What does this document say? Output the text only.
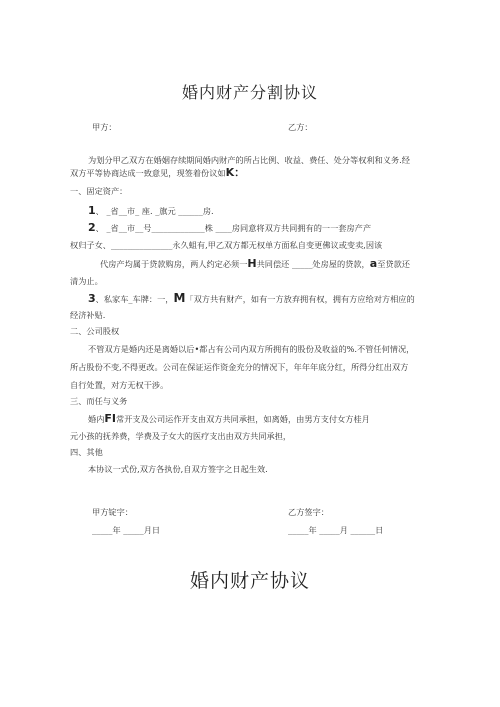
婚内财产分割协议
甲方：	乙方：
为划分甲乙双方在婚姻存续期间婚内财产的所占比例、收益、费任、处分等权利和义务.经
双方平等协商达成一致意见，现签着份议如K：
一、固定资产：
1、 _省__市_ 座. _旗元 ______房.
2、 _省__市__号_____________株 ____房同意将双方共同拥有的一一套房产产
权归子女、_______________永久蛆有,甲乙双方都无权单方面私自变更佛议或变卖,因该
代房产均属于贷款购房，两人约定必须一H共同偿还 _____处房屋的贷款，a至贷款还
清为止。
3、私家车_车牌：一，M「双方共有财产，如有一方放弃拥有权，拥有方应给对方相应的
经济补贴.
二、公司股权
不管双方是婚内还是离婚以后•都占有公司内双方所拥有的股份及收益的%.不管任何情况，
所占股份不变,不得更改。公司在保证运作资金充分的情况下，年年年底分红，所得分红出双方
自行处置，对方无权干涉。
三、而任与义务
婚内FI常开支及公司运作开支由双方共同承担，如离婚，由男方支付女方桂月
元小孩的抚养费，学费及子女大的医疗支出由双方共同承担，
四、其他
本协议一式份,双方各执份,自双方签字之日起生效.
甲方锭字：	乙方签字：
_____年 _____月日	_____年 _____月 ______日
婚内财产协议
